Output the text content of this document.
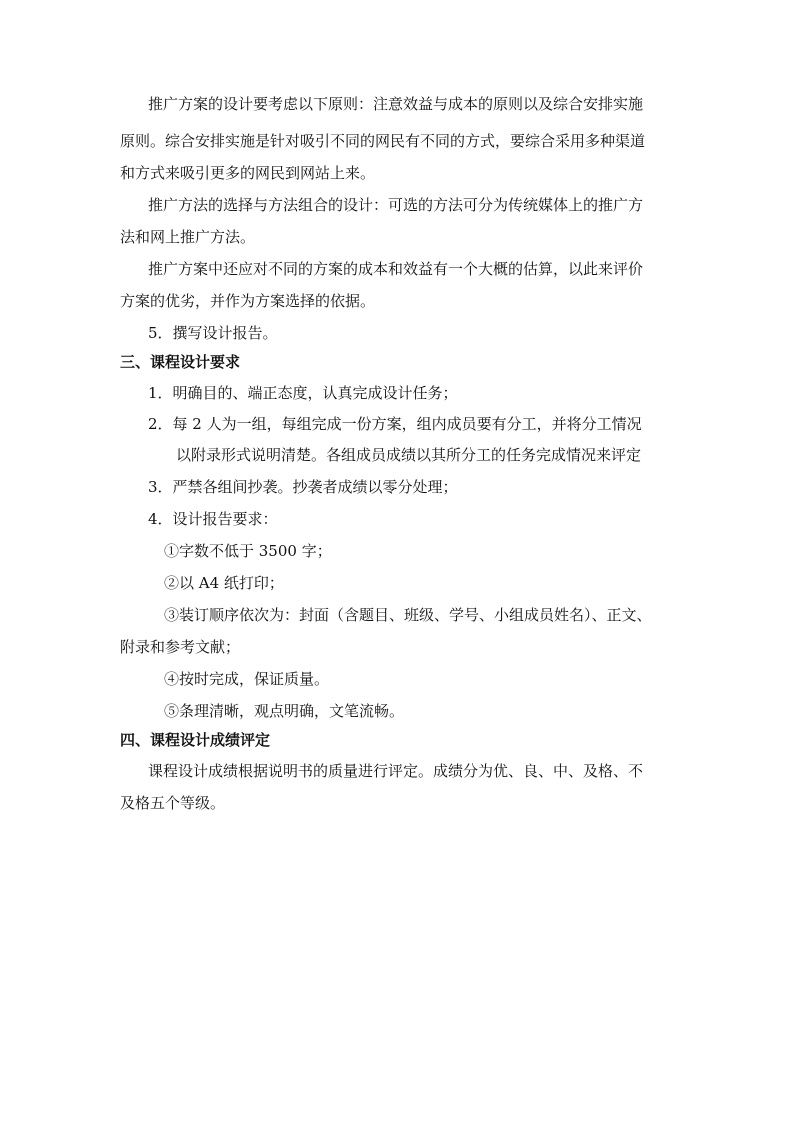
推广方案的设计要考虑以下原则：注意效益与成本的原则以及综合安排实施
原则。综合安排实施是针对吸引不同的网民有不同的方式，要综合采用多种渠道
和方式来吸引更多的网民到网站上来。
推广方法的选择与方法组合的设计：可选的方法可分为传统媒体上的推广方
法和网上推广方法。
推广方案中还应对不同的方案的成本和效益有一个大概的估算，以此来评价
方案的优劣，并作为方案选择的依据。
5．撰写设计报告。
三、课程设计要求
1．明确目的、端正态度，认真完成设计任务；
2．每 2 人为一组，每组完成一份方案，组内成员要有分工，并将分工情况
以附录形式说明清楚。各组成员成绩以其所分工的任务完成情况来评定
3．严禁各组间抄袭。抄袭者成绩以零分处理；
4．设计报告要求：
①字数不低于 3500 字；
②以 A4 纸打印；
③装订顺序依次为：封面（含题目、班级、学号、小组成员姓名）、正文、
附录和参考文献；
④按时完成，保证质量。
⑤条理清晰，观点明确，文笔流畅。
四、课程设计成绩评定
课程设计成绩根据说明书的质量进行评定。成绩分为优、良、中、及格、不
及格五个等级。
